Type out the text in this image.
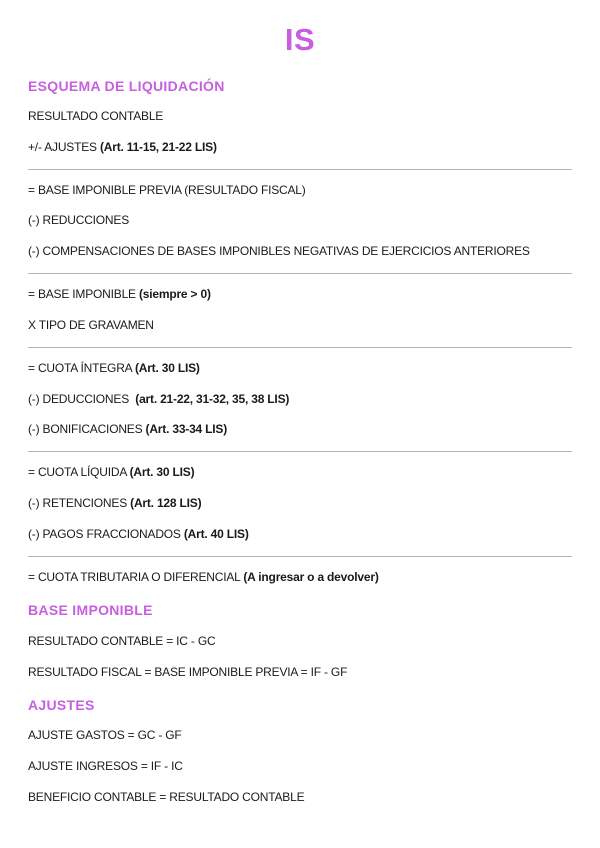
IS
ESQUEMA DE LIQUIDACIÓN
RESULTADO CONTABLE
+/- AJUSTES (Art. 11-15, 21-22 LIS)
= BASE IMPONIBLE PREVIA (RESULTADO FISCAL)
(-) REDUCCIONES
(-) COMPENSACIONES DE BASES IMPONIBLES NEGATIVAS DE EJERCICIOS ANTERIORES
= BASE IMPONIBLE (siempre > 0)
X TIPO DE GRAVAMEN
= CUOTA ÍNTEGRA (Art. 30 LIS)
(-) DEDUCCIONES (art. 21-22, 31-32, 35, 38 LIS)
(-) BONIFICACIONES (Art. 33-34 LIS)
= CUOTA LÍQUIDA (Art. 30 LIS)
(-) RETENCIONES (Art. 128 LIS)
(-) PAGOS FRACCIONADOS (Art. 40 LIS)
= CUOTA TRIBUTARIA O DIFERENCIAL (A ingresar o a devolver)
BASE IMPONIBLE
RESULTADO CONTABLE = IC - GC
RESULTADO FISCAL = BASE IMPONIBLE PREVIA = IF - GF
AJUSTES
AJUSTE GASTOS = GC - GF
AJUSTE INGRESOS = IF - IC
BENEFICIO CONTABLE = RESULTADO CONTABLE
